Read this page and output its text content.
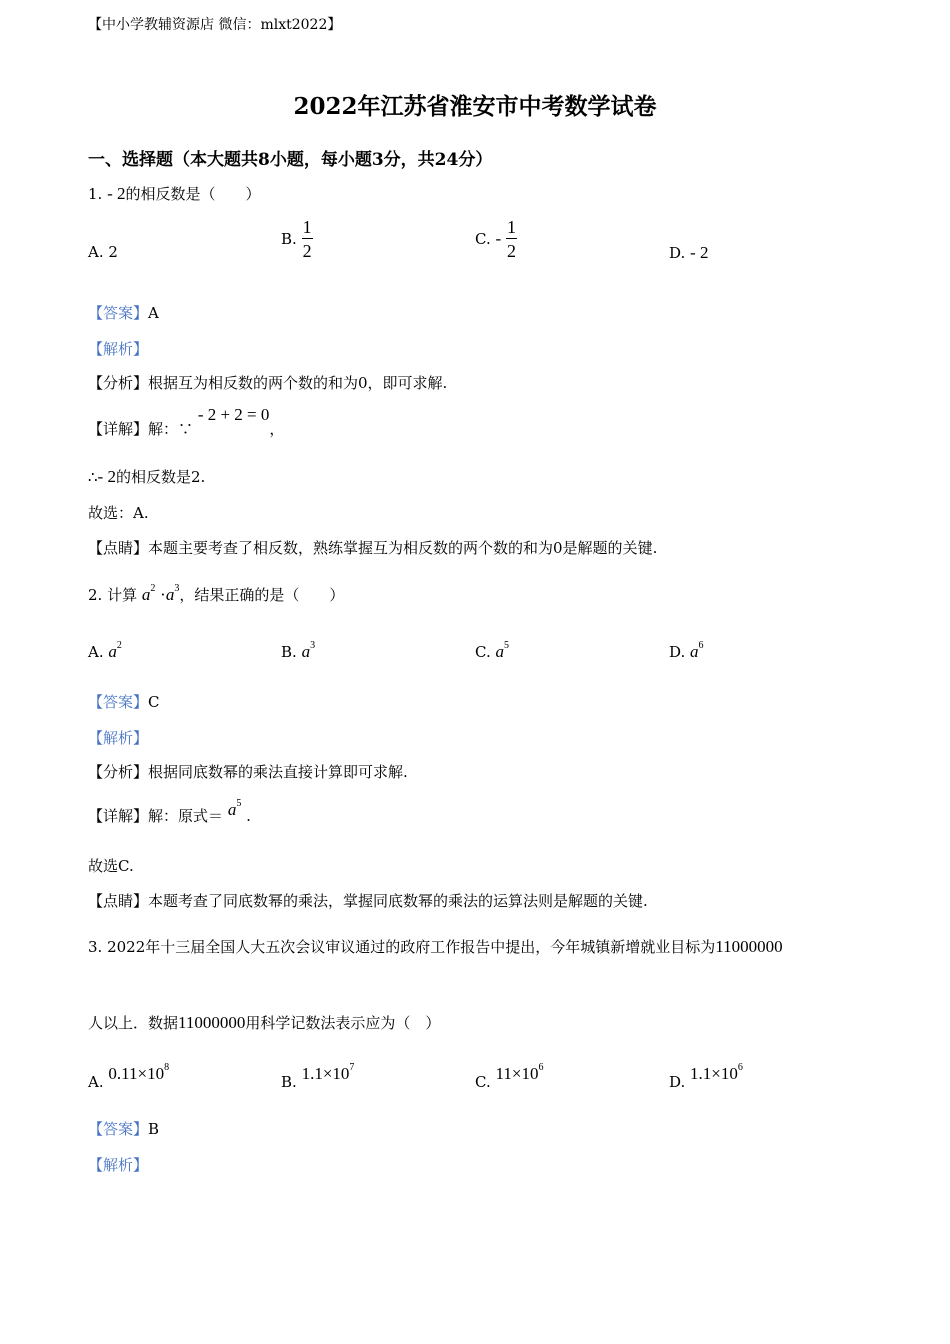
【中小学教辅资源店 微信：mlxt2022】
2022年江苏省淮安市中考数学试卷
一、选择题（本大题共8小题，每小题3分，共24分）
1. - 2的相反数是（　　）
A. 2
B. $\frac{1}{2}$	C. - $\frac{1}{2}$	D. - 2
【答案】A
【解析】
【分析】根据互为相反数的两个数的和为0，即可求解.
【详解】解：∵ - 2 + 2 = 0，
∴- 2的相反数是2.
故选：A.
【点睛】本题主要考查了相反数，熟练掌握互为相反数的两个数的和为0是解题的关键.
2. 计算 $a^2 \cdot a^3$，结果正确的是（　　）
A. $a^2$	B. $a^3$	C. $a^5$	D. $a^6$
【答案】C
【解析】
【分析】根据同底数幂的乘法直接计算即可求解.
【详解】解：原式＝ $a^5$ .
故选C.
【点睛】本题考查了同底数幂的乘法，掌握同底数幂的乘法的运算法则是解题的关键.
3. 2022年十三届全国人大五次会议审议通过的政府工作报告中提出，今年城镇新增就业目标为11000000
人以上．数据11000000用科学记数法表示应为（　）
A. $0.11\times 10^8$
B. $1.1\times 10^7$
C. $11\times 10^6$
D. $1.1\times 10^6$
【答案】B
【解析】
